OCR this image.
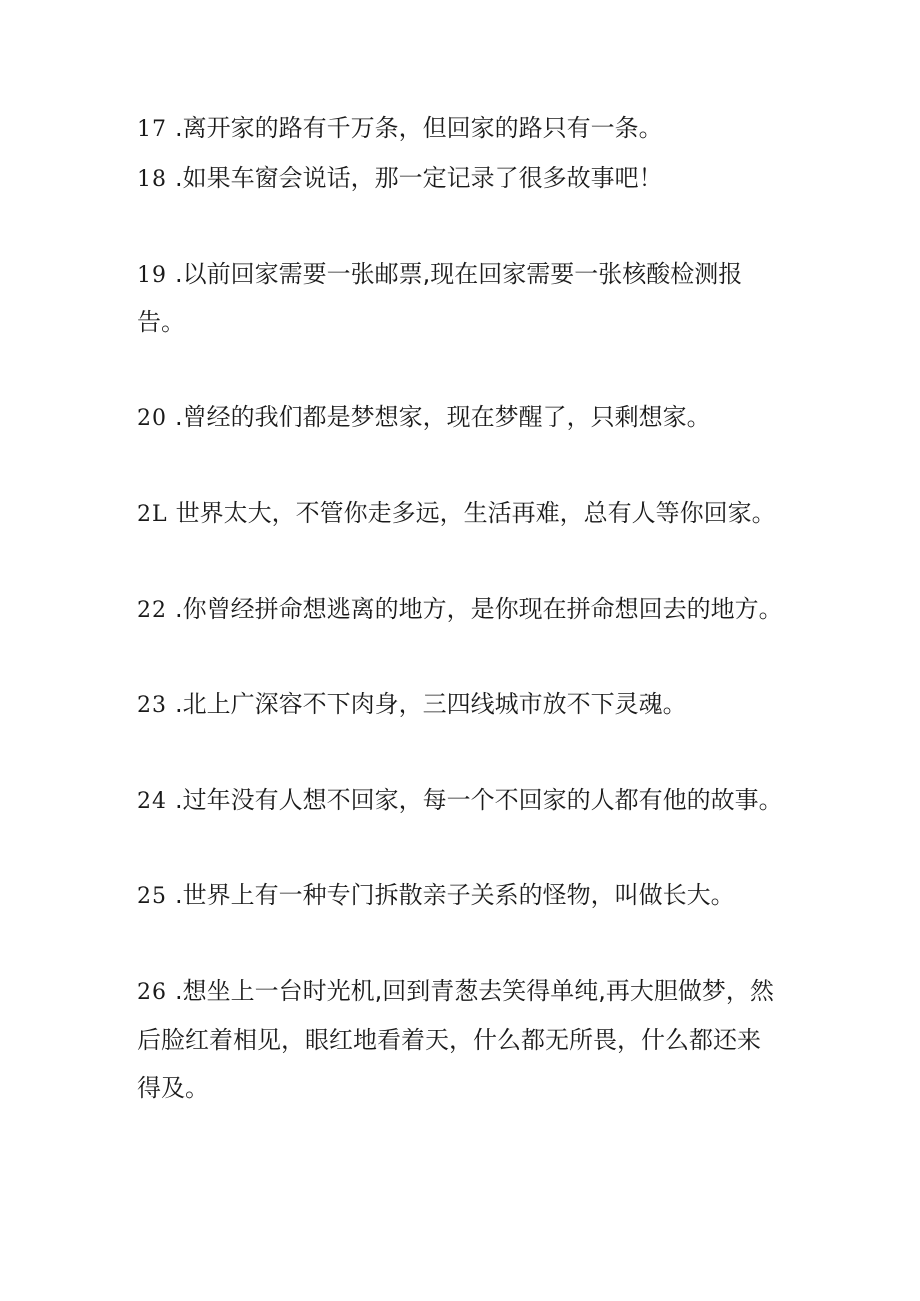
17 .离开家的路有千万条，但回家的路只有一条。
18 .如果车窗会说话，那一定记录了很多故事吧！
19 .以前回家需要一张邮票,现在回家需要一张核酸检测报
告。
20 .曾经的我们都是梦想家，现在梦醒了，只剩想家。
2L 世界太大，不管你走多远，生活再难，总有人等你回家。
22 .你曾经拼命想逃离的地方，是你现在拼命想回去的地方。
23 .北上广深容不下肉身，三四线城市放不下灵魂。
24 .过年没有人想不回家，每一个不回家的人都有他的故事。
25 .世界上有一种专门拆散亲子关系的怪物，叫做长大。
26 .想坐上一台时光机,回到青葱去笑得单纯,再大胆做梦，然
后脸红着相见，眼红地看着天，什么都无所畏，什么都还来
得及。
